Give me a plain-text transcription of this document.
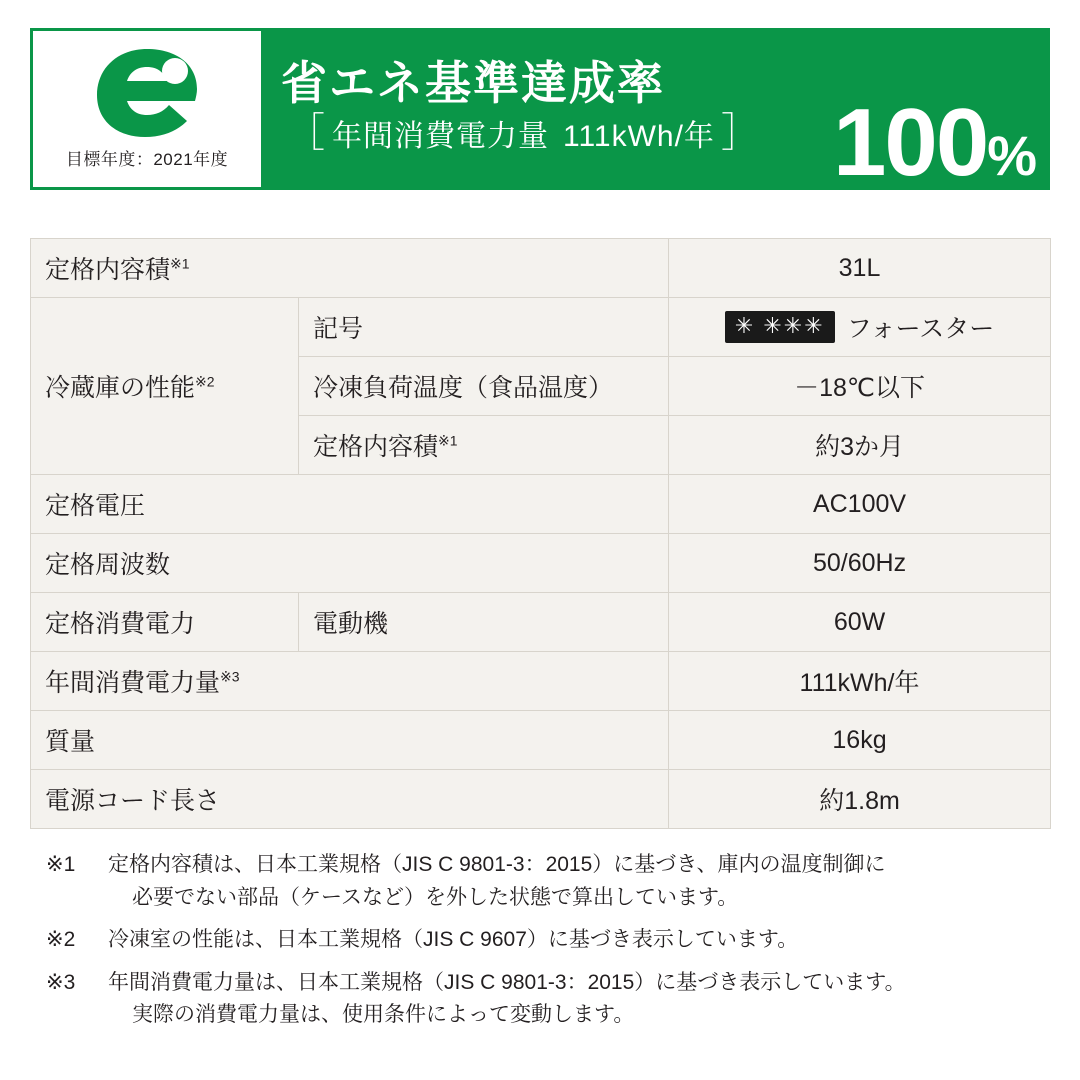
目標年度：2021年度
省エネ基準達成率
［ 年間消費電力量 111kWh/年 ］ 100%
定格内容積$^{※1}$		31L
冷蔵庫の性能$^{※2}$	記号	✳ ✳✳✳ フォースター

	冷凍負荷温度（食品温度）	－18℃以下
	定格内容積$^{※1}$	約3か月
定格電圧		AC100V
定格周波数		50/60Hz
定格消費電力	電動機	60W
年間消費電力量$^{※3}$		111kWh/年
質量		16kg
電源コード長さ		約1.8m
※1	定格内容積は、日本工業規格（JIS C 9801-3：2015）に基づき、庫内の温度制御に
必要でない部品（ケースなど）を外した状態で算出しています。
※2	冷凍室の性能は、日本工業規格（JIS C 9607）に基づき表示しています。
※3	年間消費電力量は、日本工業規格（JIS C 9801-3：2015）に基づき表示しています。
実際の消費電力量は、使用条件によって変動します。
